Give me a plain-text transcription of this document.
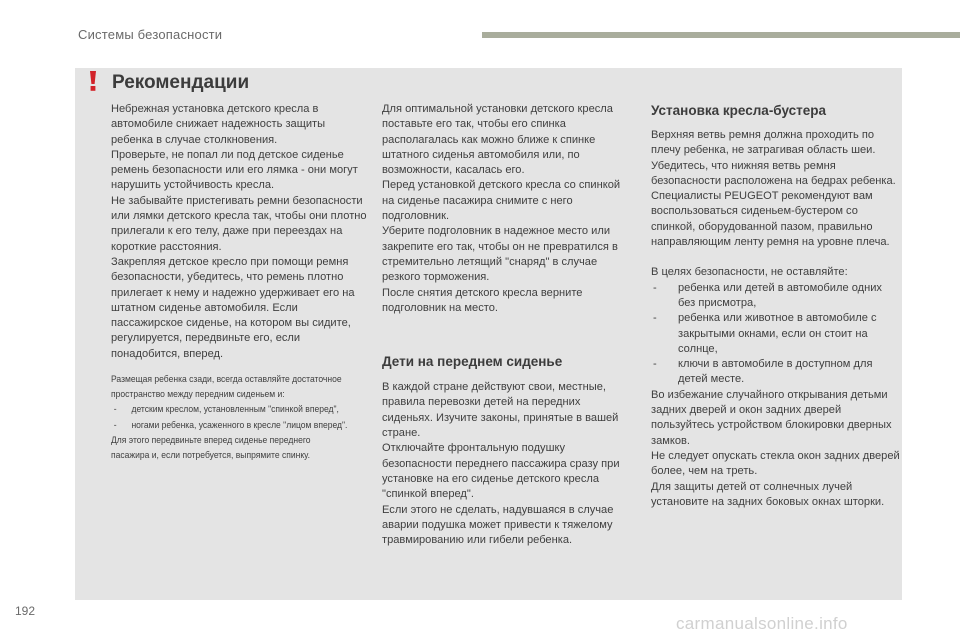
Системы безопасности
Рекомендации

Небрежная установка детского кресла в автомобиле снижает надежность защиты ребенка в случае столкновения.
Проверьте, не попал ли под детское сиденье ремень безопасности или его лямка - они могут нарушить устойчивость кресла.
Не забывайте пристегивать ремни безопасности или лямки детского кресла так, чтобы они плотно прилегали к его телу, даже при переездах на короткие расстояния.
Закрепляя детское кресло при помощи ремня безопасности, убедитесь, что ремень плотно прилегает к нему и надежно удерживает его на штатном сиденье автомобиля. Если пассажирское сиденье, на котором вы сидите, регулируется, передвиньте его, если понадобится, вперед.

Размещая ребенка сзади, всегда оставляйте достаточное пространство между передним сиденьем и:
- детским креслом, установленным "спинкой вперед",
- ногами ребенка, усаженного в кресле "лицом вперед".
Для этого передвиньте вперед сиденье переднего пасажира и, если потребуется, выпрямите спинку.

Для оптимальной установки детского кресла поставьте его так, чтобы его спинка располагалась как можно ближе к спинке штатного сиденья автомобиля или, по возможности, касалась его.
Перед установкой детского кресла со спинкой на сиденье пасажира снимите с него подголовник.
Уберите подголовник в надежное место или закрепите его так, чтобы он не превратился в стремительно летящий "снаряд" в случае резкого торможения.
После снятия детского кресла верните подголовник на место.

Дети на переднем сиденье

В каждой стране действуют свои, местные, правила перевозки детей на передних сиденьях. Изучите законы, принятые в вашей стране.
Отключайте фронтальную подушку безопасности переднего пассажира сразу при установке на его сиденье детского кресла "спинкой вперед".
Если этого не сделать, надувшаяся в случае аварии подушка может привести к тяжелому травмированию или гибели ребенка.

Установка кресла-бустера

Верхняя ветвь ремня должна проходить по плечу ребенка, не затрагивая область шеи.
Убедитесь, что нижняя ветвь ремня безопасности расположена на бедрах ребенка.
Специалисты PEUGEOT рекомендуют вам воспользоваться сиденьем-бустером со спинкой, оборудованной пазом, правильно направляющим ленту ремня на уровне плеча.

В целях безопасности, не оставляйте:

- ребенка или детей в автомобиле одних без присмотра,
- ребенка или животное в автомобиле с закрытыми окнами, если он стоит на солнце,
- ключи в автомобиле в доступном для детей месте.

Во избежание случайного открывания детьми задних дверей и окон задних дверей пользуйтесь устройством блокировки дверных замков.
Не следует опускать стекла окон задних дверей более, чем на треть.
Для защиты детей от солнечных лучей установите на задних боковых окнах шторки.

192
carmanualsonline.info
